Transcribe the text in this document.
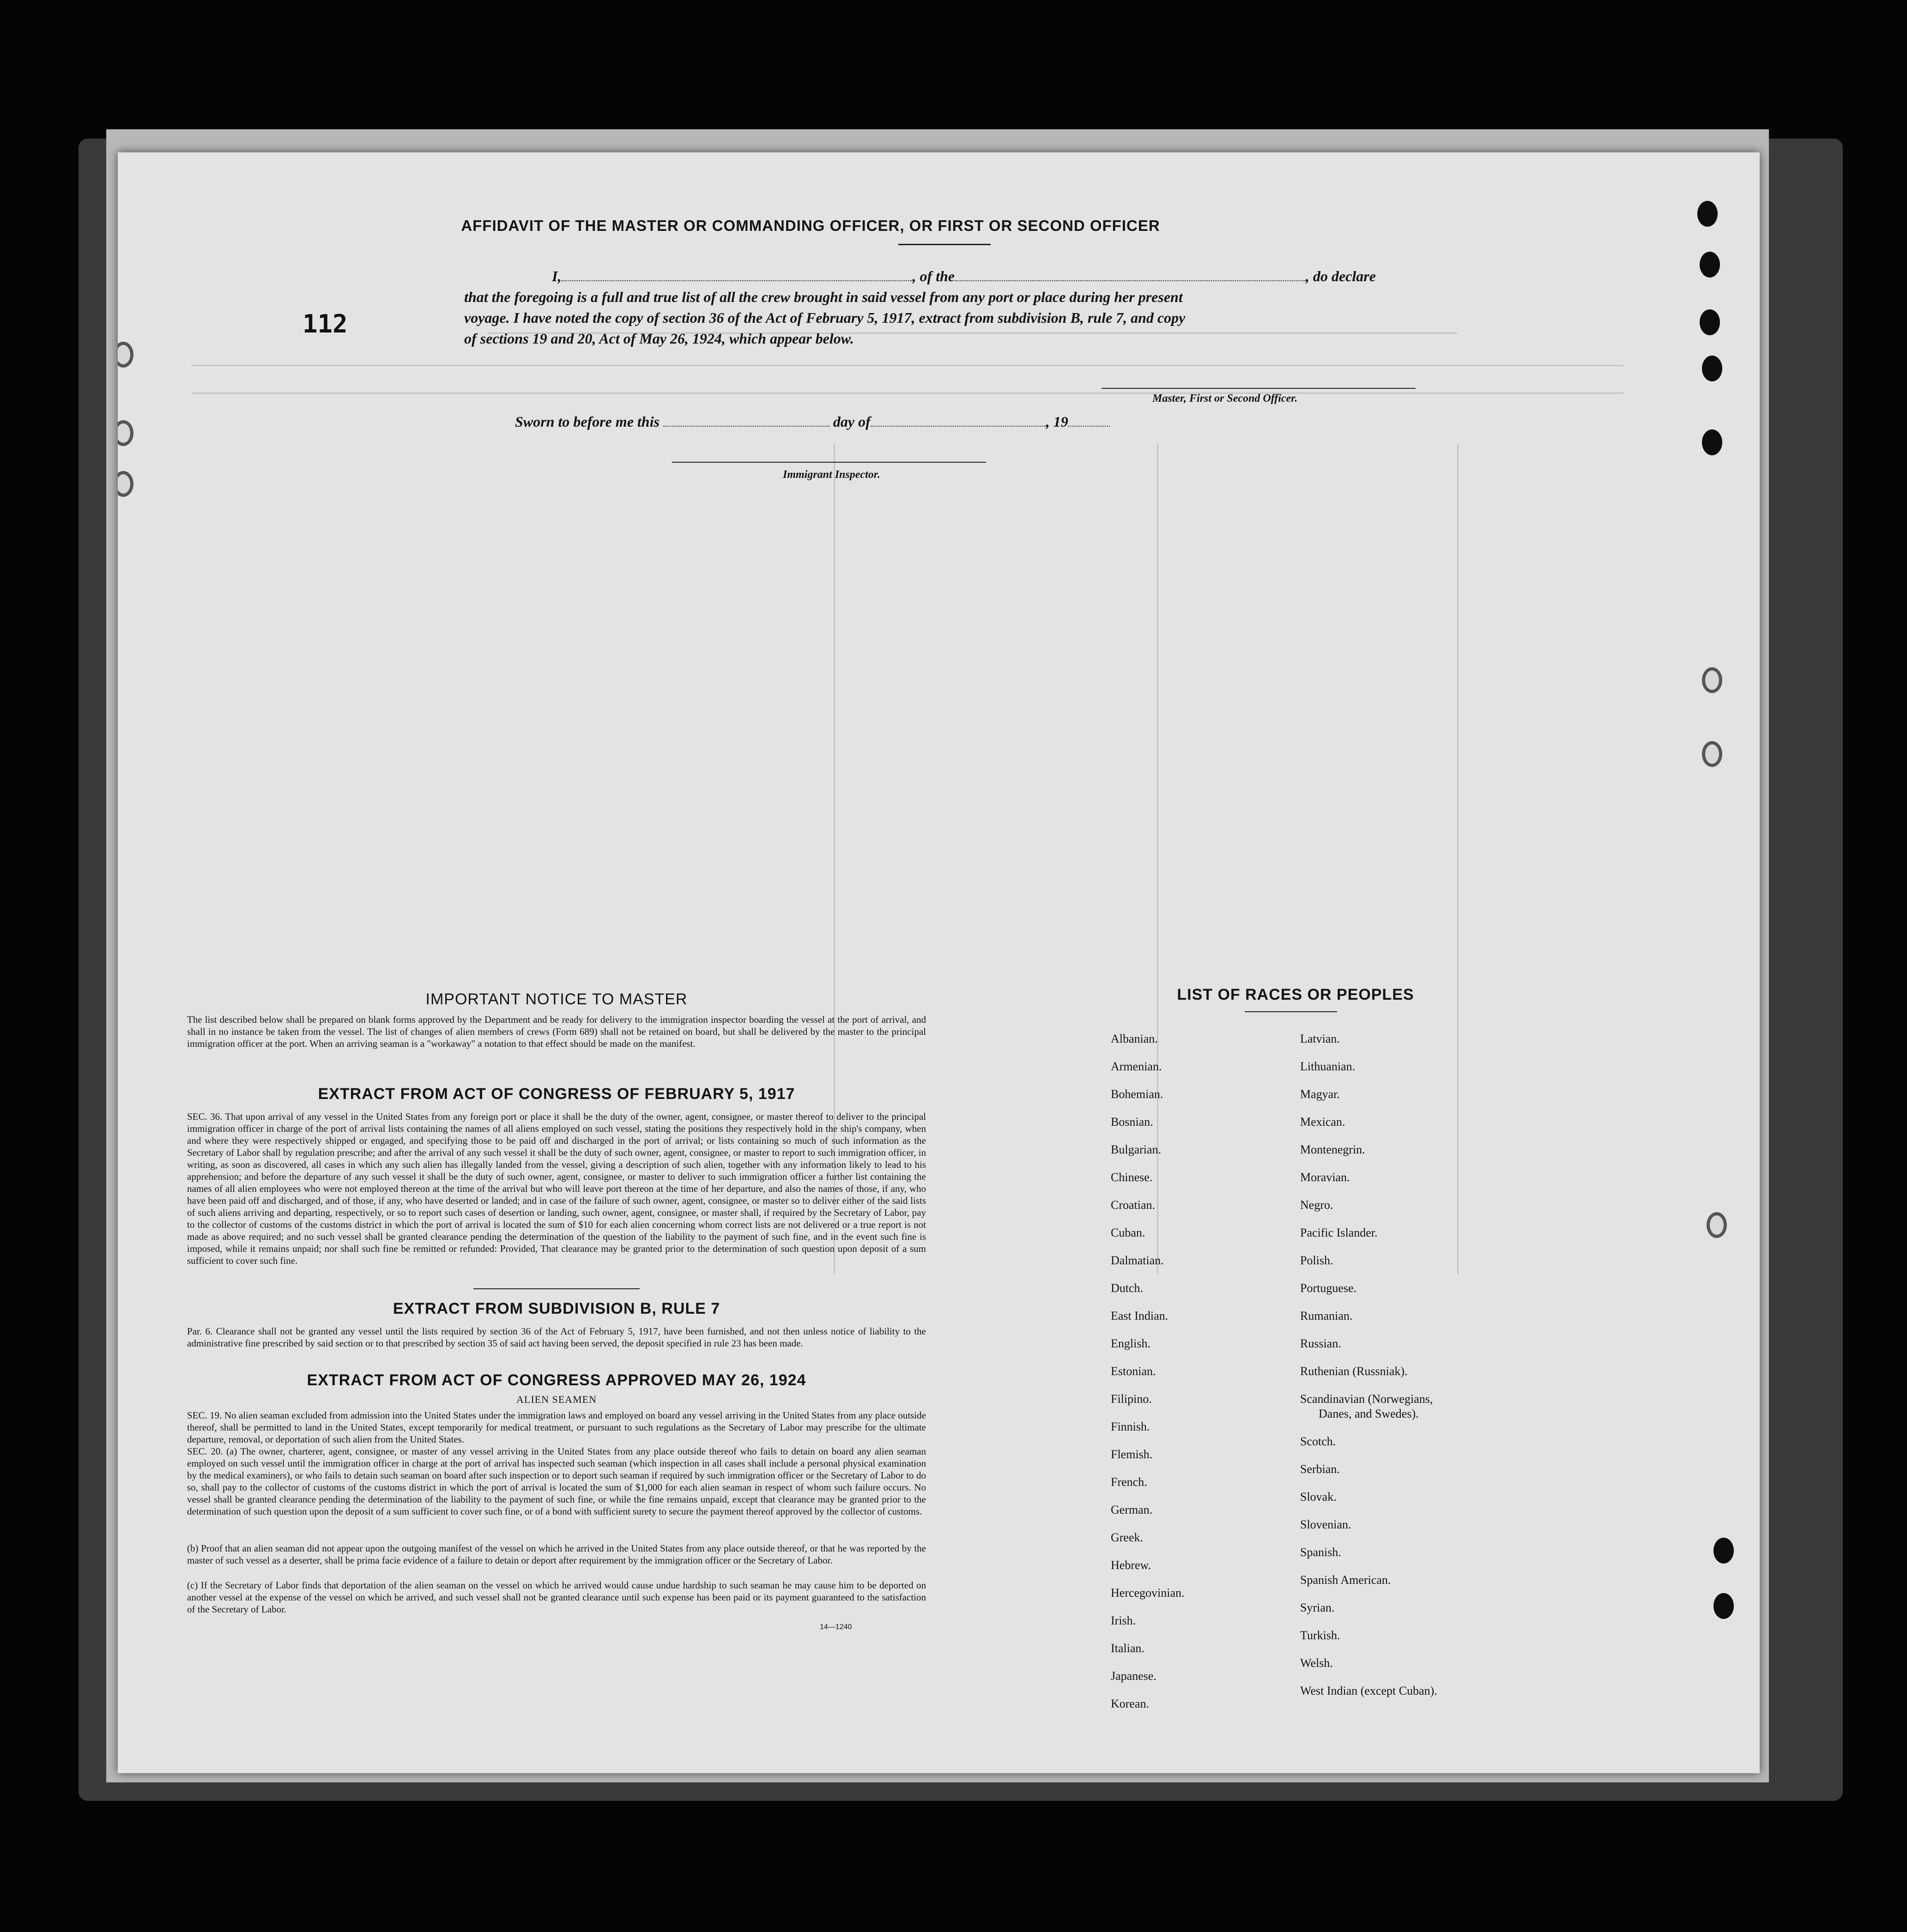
112
AFFIDAVIT OF THE MASTER OR COMMANDING OFFICER, OR FIRST OR SECOND OFFICER
I,	, of the	, do declare
that the foregoing is a full and true list of all the crew brought in said vessel from any port or place during her present
voyage. I have noted the copy of section 36 of the Act of February 5, 1917, extract from subdivision B, rule 7, and copy
of sections 19 and 20, Act of May 26, 1924, which appear below.
Master, First or Second Officer.
Sworn to before me this	day of	, 19
Immigrant Inspector.
IMPORTANT NOTICE TO MASTER
The list described below shall be prepared on blank forms approved by the Department and be ready for delivery to the immigration inspector boarding the vessel at the port of arrival, and shall in no instance be taken from the vessel. The list of changes of alien members of crews (Form 689) shall not be retained on board, but shall be delivered by the master to the principal immigration officer at the port. When an arriving seaman is a "workaway" a notation to that effect should be made on the manifest.
EXTRACT FROM ACT OF CONGRESS OF FEBRUARY 5, 1917
SEC. 36. That upon arrival of any vessel in the United States from any foreign port or place it shall be the duty of the owner, agent, consignee, or master thereof to deliver to the principal immigration officer in charge of the port of arrival lists containing the names of all aliens employed on such vessel, stating the positions they respectively hold in the ship's company, when and where they were respectively shipped or engaged, and specifying those to be paid off and discharged in the port of arrival; or lists containing so much of such information as the Secretary of Labor shall by regulation prescribe; and after the arrival of any such vessel it shall be the duty of such owner, agent, consignee, or master to report to such immigration officer, in writing, as soon as discovered, all cases in which any such alien has illegally landed from the vessel, giving a description of such alien, together with any information likely to lead to his apprehension; and before the departure of any such vessel it shall be the duty of such owner, agent, consignee, or master to deliver to such immigration officer a further list containing the names of all alien employees who were not employed thereon at the time of the arrival but who will leave port thereon at the time of her departure, and also the names of those, if any, who have been paid off and discharged, and of those, if any, who have deserted or landed; and in case of the failure of such owner, agent, consignee, or master so to deliver either of the said lists of such aliens arriving and departing, respectively, or so to report such cases of desertion or landing, such owner, agent, consignee, or master shall, if required by the Secretary of Labor, pay to the collector of customs of the customs district in which the port of arrival is located the sum of $10 for each alien concerning whom correct lists are not delivered or a true report is not made as above required; and no such vessel shall be granted clearance pending the determination of the question of the liability to the payment of such fine, and in the event such fine is imposed, while it remains unpaid; nor shall such fine be remitted or refunded: Provided, That clearance may be granted prior to the determination of such question upon deposit of a sum sufficient to cover such fine.
EXTRACT FROM SUBDIVISION B, RULE 7
Par. 6. Clearance shall not be granted any vessel until the lists required by section 36 of the Act of February 5, 1917, have been furnished, and not then unless notice of liability to the administrative fine prescribed by said section or to that prescribed by section 35 of said act having been served, the deposit specified in rule 23 has been made.
EXTRACT FROM ACT OF CONGRESS APPROVED MAY 26, 1924
ALIEN SEAMEN
SEC. 19. No alien seaman excluded from admission into the United States under the immigration laws and employed on board any vessel arriving in the United States from any place outside thereof, shall be permitted to land in the United States, except temporarily for medical treatment, or pursuant to such regulations as the Secretary of Labor may prescribe for the ultimate departure, removal, or deportation of such alien from the United States.
SEC. 20. (a) The owner, charterer, agent, consignee, or master of any vessel arriving in the United States from any place outside thereof who fails to detain on board any alien seaman employed on such vessel until the immigration officer in charge at the port of arrival has inspected such seaman (which inspection in all cases shall include a personal physical examination by the medical examiners), or who fails to detain such seaman on board after such inspection or to deport such seaman if required by such immigration officer or the Secretary of Labor to do so, shall pay to the collector of customs of the customs district in which the port of arrival is located the sum of $1,000 for each alien seaman in respect of whom such failure occurs. No vessel shall be granted clearance pending the determination of the liability to the payment of such fine, or while the fine remains unpaid, except that clearance may be granted prior to the determination of such question upon the deposit of a sum sufficient to cover such fine, or of a bond with sufficient surety to secure the payment thereof approved by the collector of customs.
(b) Proof that an alien seaman did not appear upon the outgoing manifest of the vessel on which he arrived in the United States from any place outside thereof, or that he was reported by the master of such vessel as a deserter, shall be prima facie evidence of a failure to detain or deport after requirement by the immigration officer or the Secretary of Labor.
(c) If the Secretary of Labor finds that deportation of the alien seaman on the vessel on which he arrived would cause undue hardship to such seaman he may cause him to be deported on another vessel at the expense of the vessel on which he arrived, and such vessel shall not be granted clearance until such expense has been paid or its payment guaranteed to the satisfaction of the Secretary of Labor.
14—1240
LIST OF RACES OR PEOPLES
Albanian.
Armenian.
Bohemian.
Bosnian.
Bulgarian.
Chinese.
Croatian.
Cuban.
Dalmatian.
Dutch.
East Indian.
English.
Estonian.
Filipino.
Finnish.
Flemish.
French.
German.
Greek.
Hebrew.
Hercegovinian.
Irish.
Italian.
Japanese.
Korean.
Latvian.
Lithuanian.
Magyar.
Mexican.
Montenegrin.
Moravian.
Negro.
Pacific Islander.
Polish.
Portuguese.
Rumanian.
Russian.
Ruthenian (Russniak).
Scandinavian (Norwegians,
Danes, and Swedes).
Scotch.
Serbian.
Slovak.
Slovenian.
Spanish.
Spanish American.
Syrian.
Turkish.
Welsh.
West Indian (except Cuban).
